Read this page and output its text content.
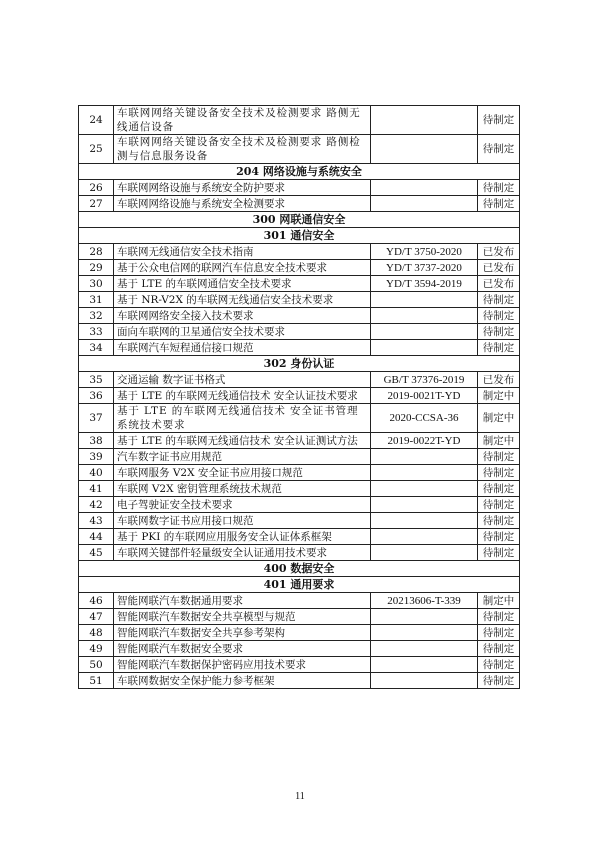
24	车联网网络关键设备安全技术及检测要求 路侧无线通信设备		待制定
25	车联网网络关键设备安全技术及检测要求 路侧检测与信息服务设备		待制定
204 网络设施与系统安全			
26	车联网网络设施与系统安全防护要求		待制定
27	车联网网络设施与系统安全检测要求		待制定
300 网联通信安全			
301 通信安全			
28	车联网无线通信安全技术指南	YD/T 3750-2020	已发布
29	基于公众电信网的联网汽车信息安全技术要求	YD/T 3737-2020	已发布
30	基于 LTE 的车联网通信安全技术要求	YD/T 3594-2019	已发布
31	基于 NR-V2X 的车联网无线通信安全技术要求		待制定
32	车联网网络安全接入技术要求		待制定
33	面向车联网的卫星通信安全技术要求		待制定
34	车联网汽车短程通信接口规范		待制定
302 身份认证			
35	交通运输 数字证书格式	GB/T 37376-2019	已发布
36	基于 LTE 的车联网无线通信技术 安全认证技术要求	2019-0021T-YD	制定中
37	基于 LTE 的车联网无线通信技术 安全证书管理系统技术要求	2020-CCSA-36	制定中
38	基于 LTE 的车联网无线通信技术 安全认证测试方法	2019-0022T-YD	制定中
39	汽车数字证书应用规范		待制定
40	车联网服务 V2X 安全证书应用接口规范		待制定
41	车联网 V2X 密钥管理系统技术规范		待制定
42	电子驾驶证安全技术要求		待制定
43	车联网数字证书应用接口规范		待制定
44	基于 PKI 的车联网应用服务安全认证体系框架		待制定
45	车联网关键部件轻量级安全认证通用技术要求		待制定
400 数据安全			
401 通用要求			
46	智能网联汽车数据通用要求	20213606-T-339	制定中
47	智能网联汽车数据安全共享模型与规范		待制定
48	智能网联汽车数据安全共享参考架构		待制定
49	智能网联汽车数据安全要求		待制定
50	智能网联汽车数据保护密码应用技术要求		待制定
51	车联网数据安全保护能力参考框架		待制定
11
